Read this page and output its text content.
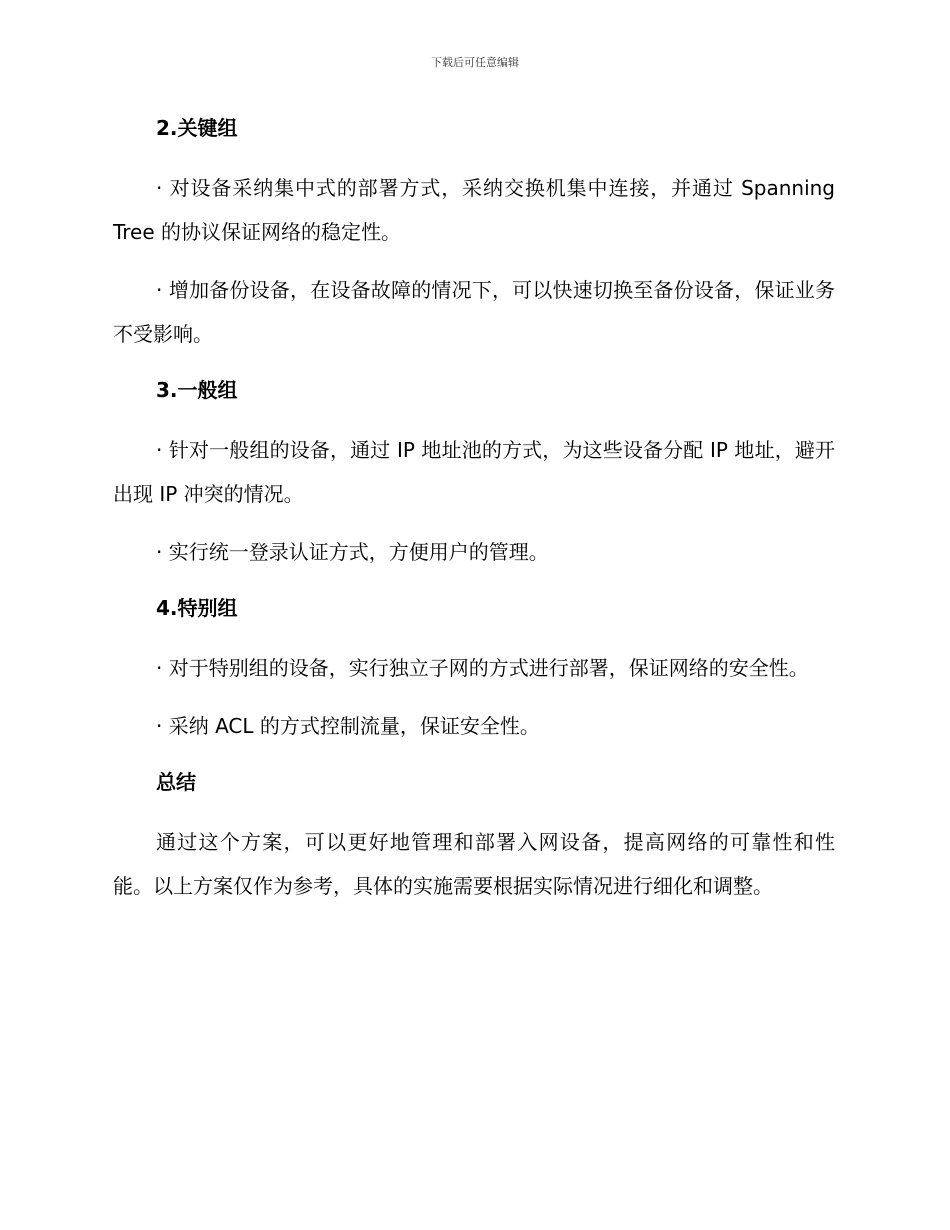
下载后可任意编辑
2.关键组

· 对设备采纳集中式的部署方式，采纳交换机集中连接，并通过 Spanning Tree 的协议保证网络的稳定性。

· 增加备份设备，在设备故障的情况下，可以快速切换至备份设备，保证业务不受影响。

3.一般组

· 针对一般组的设备，通过 IP 地址池的方式，为这些设备分配 IP 地址，避开出现 IP 冲突的情况。

· 实行统一登录认证方式，方便用户的管理。

4.特别组

· 对于特别组的设备，实行独立子网的方式进行部署，保证网络的安全性。

· 采纳 ACL 的方式控制流量，保证安全性。

总结

通过这个方案，可以更好地管理和部署入网设备，提高网络的可靠性和性能。以上方案仅作为参考，具体的实施需要根据实际情况进行细化和调整。
